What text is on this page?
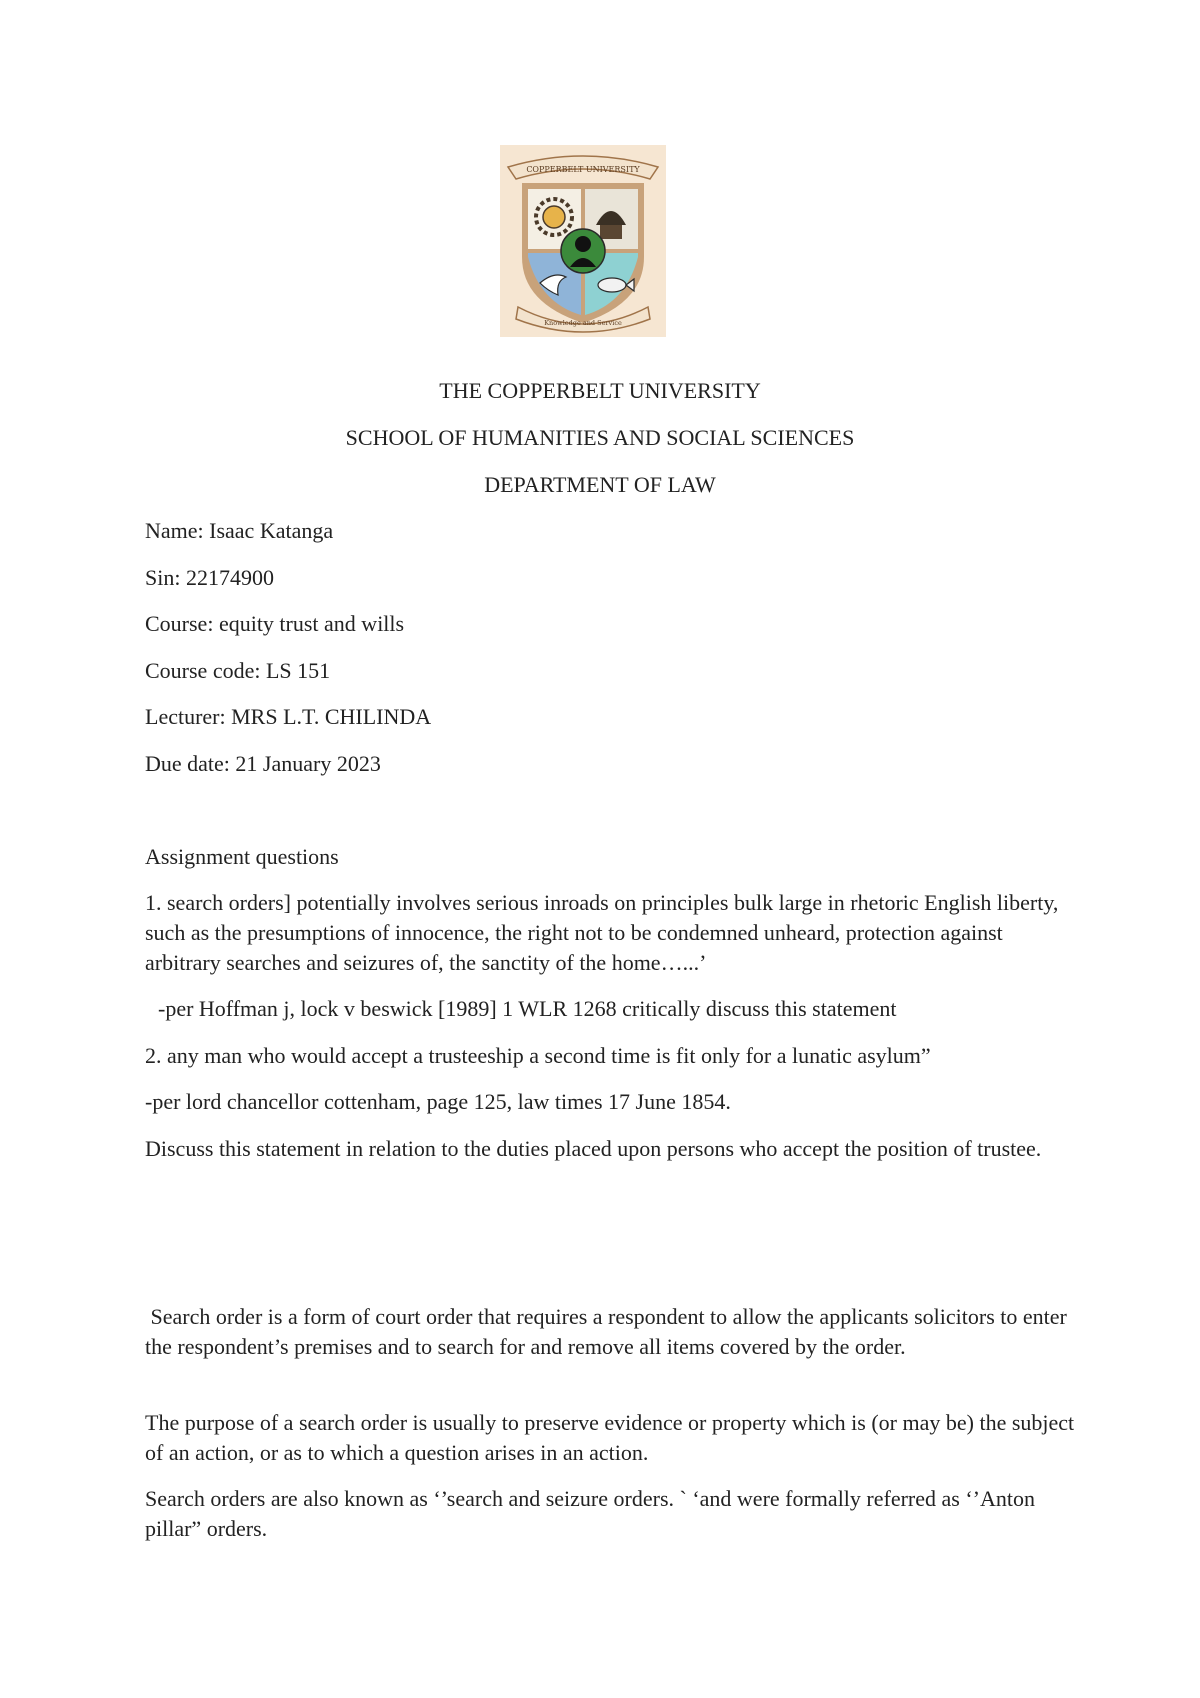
COPPERBELT UNIVERSITY
Knowledge and Service
THE COPPERBELT UNIVERSITY
SCHOOL OF HUMANITIES AND SOCIAL SCIENCES
DEPARTMENT OF LAW
Name: Isaac Katanga
Sin: 22174900
Course: equity trust and wills
Course code: LS 151
Lecturer: MRS L.T. CHILINDA
Due date: 21 January 2023
Assignment questions
1. search orders] potentially involves serious inroads on principles bulk large in rhetoric English liberty, such as the presumptions of innocence, the right not to be condemned unheard, protection against arbitrary searches and seizures of, the sanctity of the home…...’
-per Hoffman j, lock v beswick [1989] 1 WLR 1268 critically discuss this statement
2. any man who would accept a trusteeship a second time is fit only for a lunatic asylum”
-per lord chancellor cottenham, page 125, law times 17 June 1854.
Discuss this statement in relation to the duties placed upon persons who accept the position of trustee.
Search order is a form of court order that requires a respondent to allow the applicants solicitors to enter the respondent’s premises and to search for and remove all items covered by the order.
The purpose of a search order is usually to preserve evidence or property which is (or may be) the subject of an action, or as to which a question arises in an action.
Search orders are also known as ‘’search and seizure orders. ` ‘and were formally referred as ‘’Anton pillar” orders.
